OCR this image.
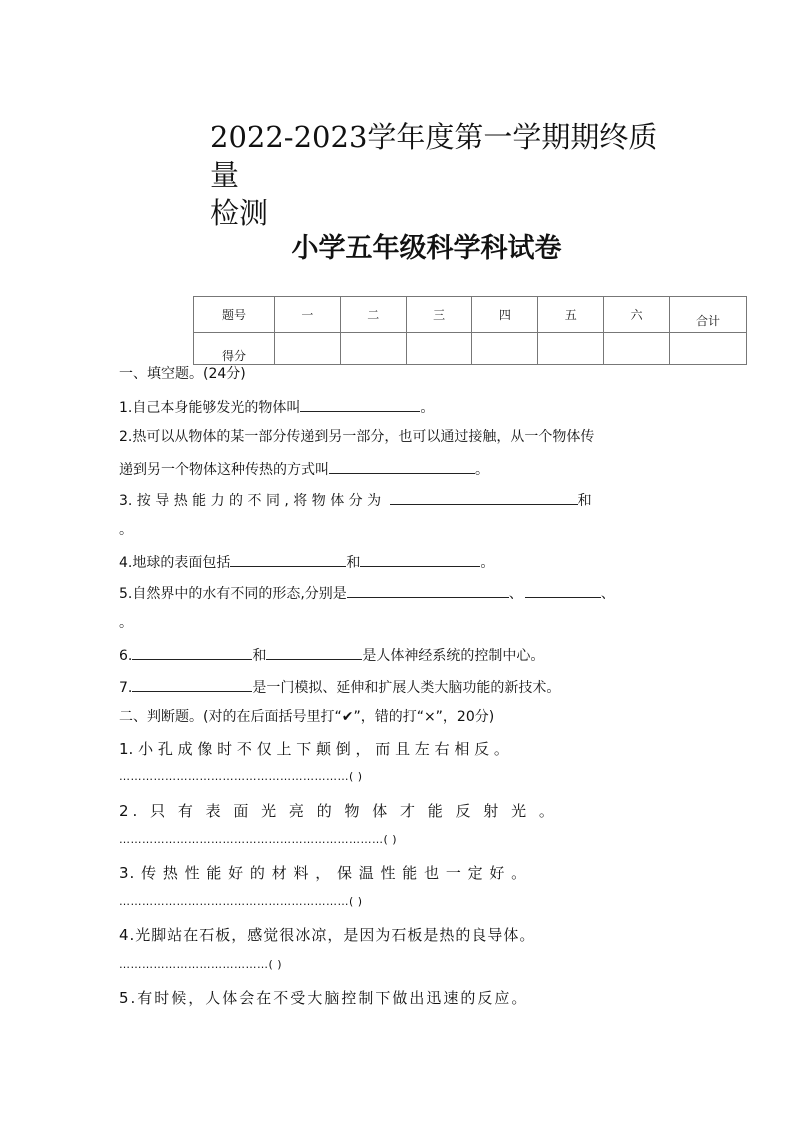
2022-2023学年度第一学期期终质量
检测
小学五年级科学科试卷
题号	一	二	三	四	五	六	合计
得分							
一、填空题。(24分)
1.自己本身能够发光的物体叫	。
2.热可以从物体的某一部分传递到另一部分，也可以通过接触，从一个物体传
递到另一个物体这种传热的方式叫	。
3. 按 导 热 能 力 的 不 同 , 将 物 体 分 为	和
。
4.地球的表面包括	和	。
5.自然界中的水有不同的形态,分别是	、	、
。
6.	和	是人体神经系统的控制中心。
7.	是一门模拟、延伸和扩展人类大脑功能的新技术。
二、判断题。(对的在后面括号里打“✔”，错的打“×”，20分)
1. 小 孔 成 像 时 不 仅 上 下 颠 倒 ， 而 且 左 右 相 反 。
……………………………………………………( )
2. 只 有 表 面 光 亮 的 物 体 才 能 反 射 光 。
……………………………………………………………( )
3. 传 热 性 能 好 的 材 料 ， 保 温 性 能 也 一 定 好 。
……………………………………………………( )
4.光脚站在石板，感觉很冰凉，是因为石板是热的良导体。
…………………………………( )
5.有时候，人体会在不受大脑控制下做出迅速的反应。
